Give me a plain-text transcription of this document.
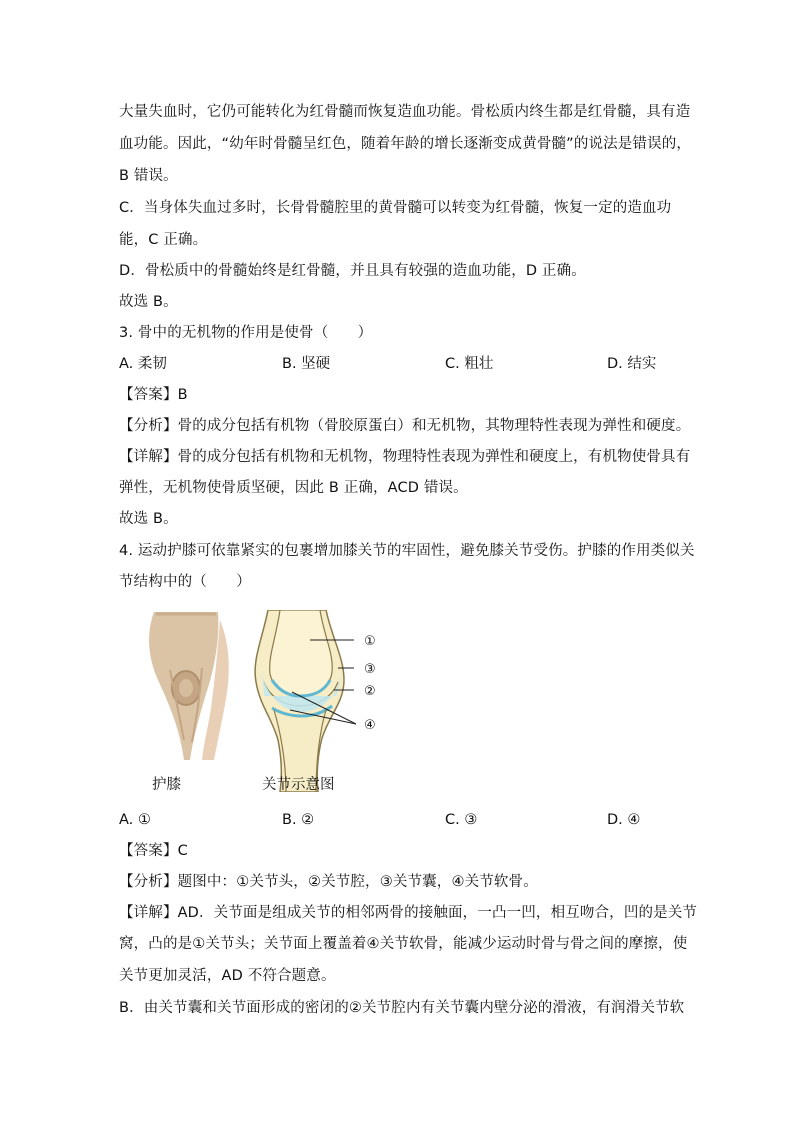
大量失血时，它仍可能转化为红骨髓而恢复造血功能。骨松质内终生都是红骨髓，具有造
血功能。因此，“幼年时骨髓呈红色，随着年龄的增长逐渐变成黄骨髓”的说法是错误的，
B 错误。
C．当身体失血过多时，长骨骨髓腔里的黄骨髓可以转变为红骨髓，恢复一定的造血功
能，C 正确。
D．骨松质中的骨髓始终是红骨髓，并且具有较强的造血功能，D 正确。
故选 B。
3. 骨中的无机物的作用是使骨（　　）
A. 柔韧	B. 坚硬	C. 粗壮	D. 结实
【答案】B
【分析】骨的成分包括有机物（骨胶原蛋白）和无机物，其物理特性表现为弹性和硬度。
【详解】骨的成分包括有机物和无机物，物理特性表现为弹性和硬度上，有机物使骨具有
弹性，无机物使骨质坚硬，因此 B 正确，ACD 错误。
故选 B。
4. 运动护膝可依靠紧实的包裹增加膝关节的牢固性，避免膝关节受伤。护膝的作用类似关
节结构中的（　　）
①
③
②
④
护膝	关节示意图
A. ①	B. ②	C. ③	D. ④
【答案】C
【分析】题图中：①关节头，②关节腔，③关节囊，④关节软骨。
【详解】AD．关节面是组成关节的相邻两骨的接触面，一凸一凹，相互吻合，凹的是关节
窝，凸的是①关节头；关节面上覆盖着④关节软骨，能减少运动时骨与骨之间的摩擦，使
关节更加灵活，AD 不符合题意。
B．由关节囊和关节面形成的密闭的②关节腔内有关节囊内壁分泌的滑液，有润滑关节软
